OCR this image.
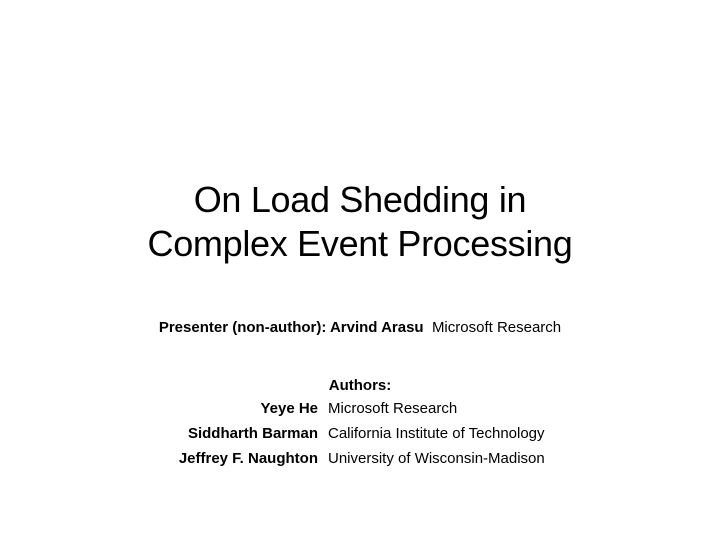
On Load Shedding in
Complex Event Processing
Presenter (non-author): Arvind Arasu Microsoft Research
Authors:
Yeye He Microsoft Research
Siddharth Barman California Institute of Technology
Jeffrey F. Naughton University of Wisconsin-Madison
